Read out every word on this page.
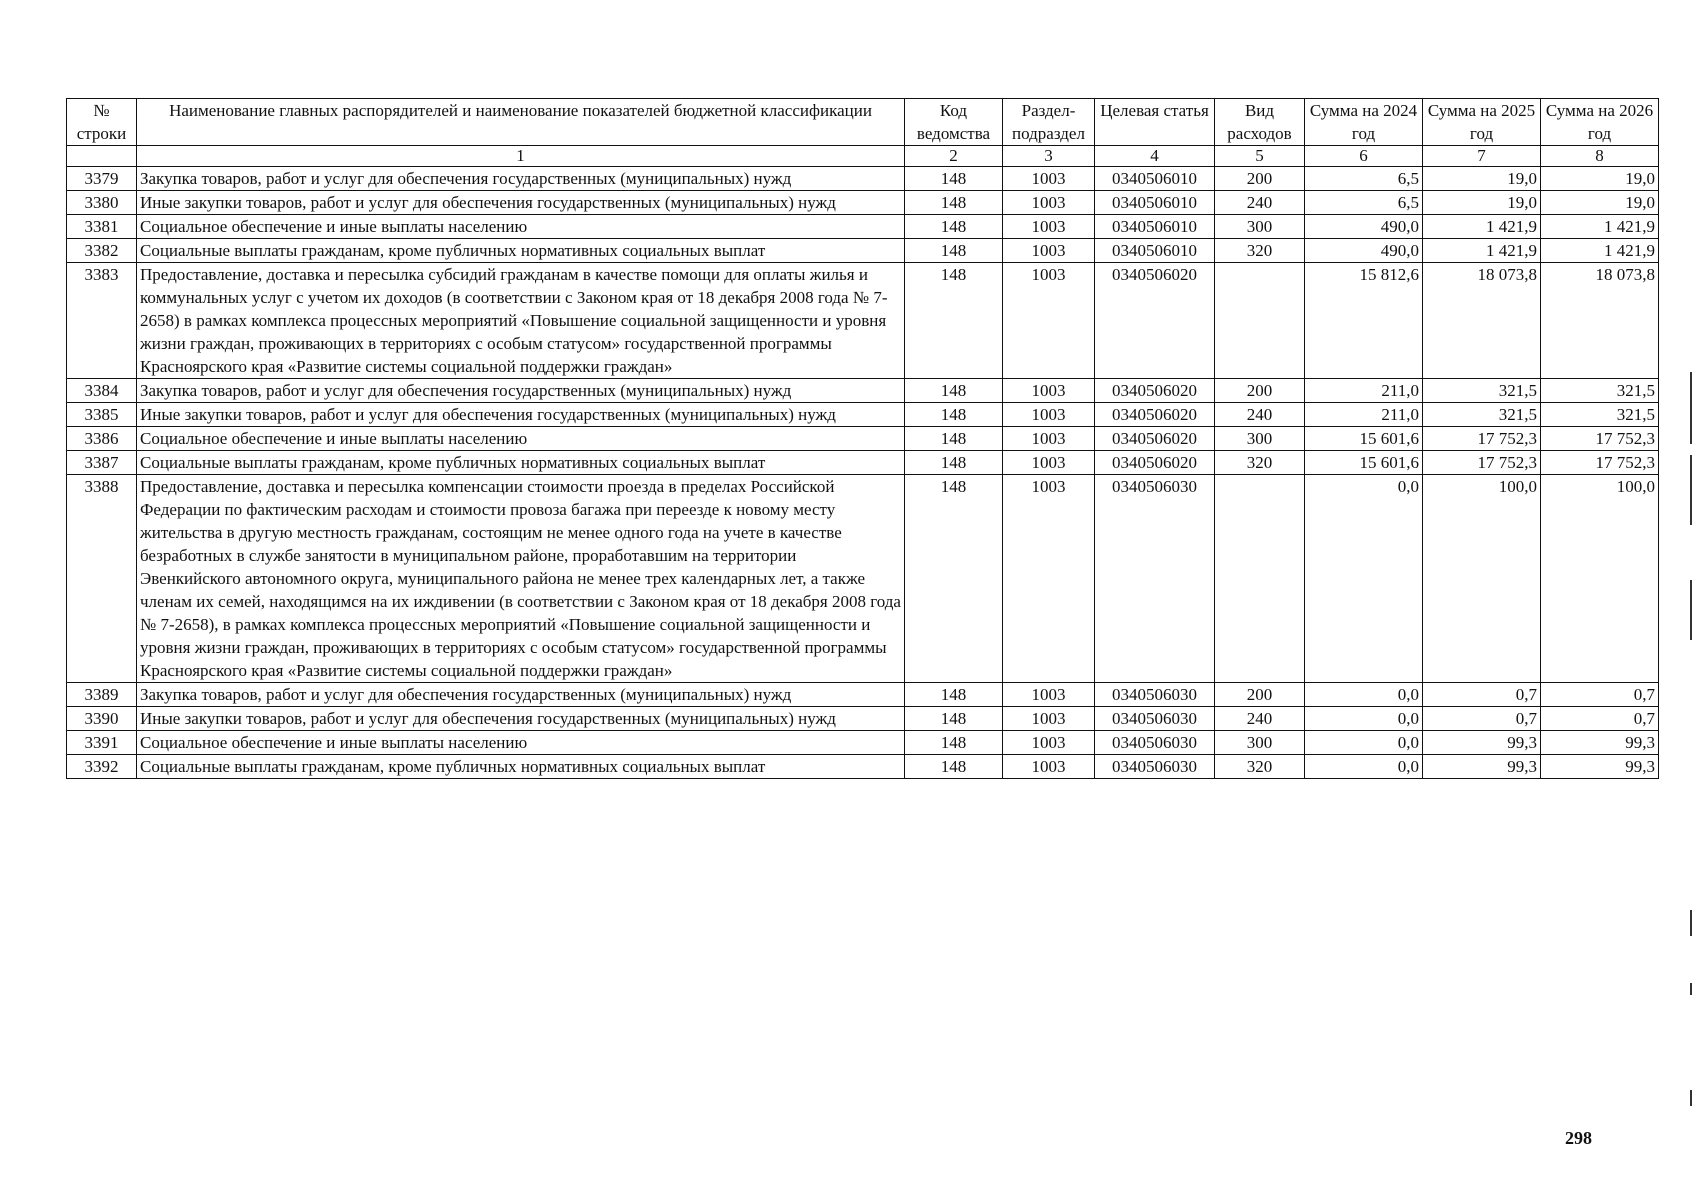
№ строки	Наименование главных распорядителей и наименование показателей бюджетной классификации	Код ведомства	Раздел-подраздел	Целевая статья	Вид расходов	Сумма на 2024 год	Сумма на 2025 год	Сумма на 2026 год
	1	2	3	4	5	6	7	8
3379	Закупка товаров, работ и услуг для обеспечения государственных (муниципальных) нужд	148	1003	0340506010	200	6,5	19,0	19,0
3380	Иные закупки товаров, работ и услуг для обеспечения государственных (муниципальных) нужд	148	1003	0340506010	240	6,5	19,0	19,0
3381	Социальное обеспечение и иные выплаты населению	148	1003	0340506010	300	490,0	1 421,9	1 421,9
3382	Социальные выплаты гражданам, кроме публичных нормативных социальных выплат	148	1003	0340506010	320	490,0	1 421,9	1 421,9
3383	Предоставление, доставка и пересылка субсидий гражданам в качестве помощи для оплаты жилья и коммунальных услуг с учетом их доходов (в соответствии с Законом края от 18 декабря 2008 года № 7-2658) в рамках комплекса процессных мероприятий «Повышение социальной защищенности и уровня жизни граждан, проживающих в территориях с особым статусом» государственной программы Красноярского края «Развитие системы социальной поддержки граждан»	148	1003	0340506020		15 812,6	18 073,8	18 073,8
3384	Закупка товаров, работ и услуг для обеспечения государственных (муниципальных) нужд	148	1003	0340506020	200	211,0	321,5	321,5
3385	Иные закупки товаров, работ и услуг для обеспечения государственных (муниципальных) нужд	148	1003	0340506020	240	211,0	321,5	321,5
3386	Социальное обеспечение и иные выплаты населению	148	1003	0340506020	300	15 601,6	17 752,3	17 752,3
3387	Социальные выплаты гражданам, кроме публичных нормативных социальных выплат	148	1003	0340506020	320	15 601,6	17 752,3	17 752,3
3388	Предоставление, доставка и пересылка компенсации стоимости проезда в пределах Российской Федерации по фактическим расходам и стоимости провоза багажа при переезде к новому месту жительства в другую местность гражданам, состоящим не менее одного года на учете в качестве безработных в службе занятости в муниципальном районе, проработавшим на территории Эвенкийского автономного округа, муниципального района не менее трех календарных лет, а также членам их семей, находящимся на их иждивении (в соответствии с Законом края от 18 декабря 2008 года № 7-2658), в рамках комплекса процессных мероприятий «Повышение социальной защищенности и уровня жизни граждан, проживающих в территориях с особым статусом» государственной программы Красноярского края «Развитие системы социальной поддержки граждан»	148	1003	0340506030		0,0	100,0	100,0
3389	Закупка товаров, работ и услуг для обеспечения государственных (муниципальных) нужд	148	1003	0340506030	200	0,0	0,7	0,7
3390	Иные закупки товаров, работ и услуг для обеспечения государственных (муниципальных) нужд	148	1003	0340506030	240	0,0	0,7	0,7
3391	Социальное обеспечение и иные выплаты населению	148	1003	0340506030	300	0,0	99,3	99,3
3392	Социальные выплаты гражданам, кроме публичных нормативных социальных выплат	148	1003	0340506030	320	0,0	99,3	99,3
298
